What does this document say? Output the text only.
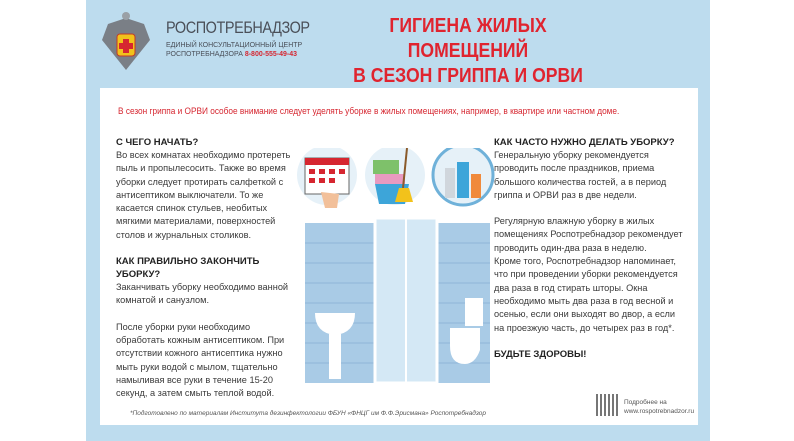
РОСПОТРЕБНАДЗОР
ЕДИНЫЙ КОНСУЛЬТАЦИОННЫЙ ЦЕНТР
РОСПОТРЕБНАДЗОРА 8-800-555-49-43
ГИГИЕНА ЖИЛЫХ ПОМЕЩЕНИЙ
В СЕЗОН ГРИППА И ОРВИ
В сезон гриппа и ОРВИ особое внимание следует уделять уборке в жилых помещениях, например, в квартире или частном доме.
С ЧЕГО НАЧАТЬ?

Во всех комнатах необходимо протереть пыль и пропылесосить. Также во время уборки следует протирать салфеткой с антисептиком выключатели. То же касается спинок стульев, необитых мягкими материалами, поверхностей столов и журнальных столиков.

КАК ПРАВИЛЬНО ЗАКОНЧИТЬ УБОРКУ?

Заканчивать уборку необходимо ванной комнатой и санузлом.

После уборки руки необходимо обработать кожным антисептиком. При отсутствии кожного антисептика нужно мыть руки водой с мылом, тщательно намыливая все руки в течение 15-20 секунд, а затем смыть теплой водой.

КАК ЧАСТО НУЖНО ДЕЛАТЬ УБОРКУ?

Генеральную уборку рекомендуется проводить после праздников, приема большого количества гостей, а в период гриппа и ОРВИ раз в две недели.

Регулярную влажную уборку в жилых помещениях Роспотребнадзор рекомендует проводить один-два раза в неделю.

Кроме того, Роспотребнадзор напоминает, что при проведении уборки рекомендуется два раза в год стирать шторы. Окна необходимо мыть два раза в год весной и осенью, если они выходят во двор, а если на проезжую часть, до четырех раз в год*.

БУДЬТЕ ЗДОРОВЫ!
*Подготовлено по материалам Института дезинфектологии ФБУН «ФНЦГ им Ф.Ф.Эрисмана» Роспотребнадзор
Подробнее на
www.rospotrebnadzor.ru
